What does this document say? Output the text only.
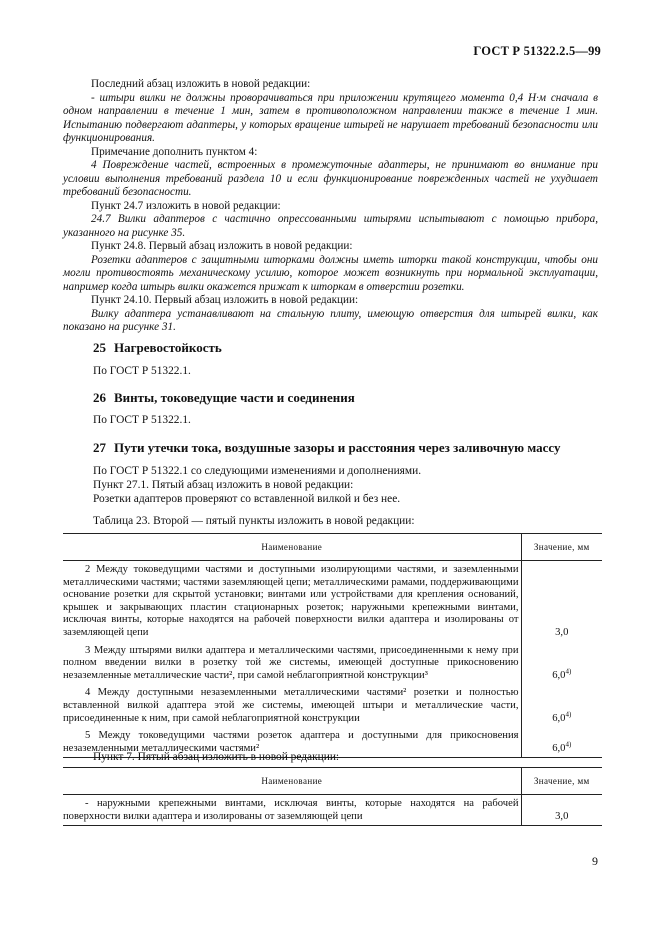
ГОСТ Р 51322.2.5—99

Последний абзац изложить в новой редакции:

- штыри вилки не должны проворачиваться при приложении крутящего момента 0,4 Н·м сначала в одном направлении в течение 1 мин, затем в противоположном направлении также в течение 1 мин. Испытанию подвергают адаптеры, у которых вращение штырей не нарушает требований безопасности или функционирования.

Примечание дополнить пунктом 4:

4 Повреждение частей, встроенных в промежуточные адаптеры, не принимают во внимание при условии выполнения требований раздела 10 и если функционирование поврежденных частей не ухудшает требований безопасности.

Пункт 24.7 изложить в новой редакции:

24.7 Вилки адаптеров с частично опрессованными штырями испытывают с помощью прибора, указанного на рисунке 35.

Пункт 24.8. Первый абзац изложить в новой редакции:

Розетки адаптеров с защитными шторками должны иметь шторки такой конструкции, чтобы они могли противостоять механическому усилию, которое может возникнуть при нормальной эксплуатации, например когда штырь вилки окажется прижат к шторкам в отверстии розетки.

Пункт 24.10. Первый абзац изложить в новой редакции:

Вилку адаптера устанавливают на стальную плиту, имеющую отверстия для штырей вилки, как показано на рисунке 31.

25 Нагревостойкость
По ГОСТ Р 51322.1.
26 Винты, токоведущие части и соединения
По ГОСТ Р 51322.1.
27 Пути утечки тока, воздушные зазоры и расстояния через заливочную массу
По ГОСТ Р 51322.1 со следующими изменениями и дополнениями.
Пункт 27.1. Пятый абзац изложить в новой редакции:
Розетки адаптеров проверяют со вставленной вилкой и без нее.
Таблица 23. Второй — пятый пункты изложить в новой редакции:
Наименование	Значение, мм
2 Между токоведущими частями и доступными изолирующими частями, и заземленными металлическими частями; частями заземляющей цепи; металлическими рамами, поддерживающими основание розетки для скрытой установки; винтами или устройствами для крепления оснований, крышек и закрывающих пластин стационарных розеток; наружными крепежными винтами, исключая винты, которые находятся на рабочей поверхности вилки адаптера и изолированы от заземляющей цепи	3,0
3 Между штырями вилки адаптера и металлическими частями, присоединенными к нему при полном введении вилки в розетку той же системы, имеющей доступные прикосновению незаземленные металлические части², при самой неблагоприятной конструкции³	6,0$^{4)}$
4 Между доступными незаземленными металлическими частями² розетки и полностью вставленной вилкой адаптера этой же системы, имеющей штыри и металлические части, присоединенные к ним, при самой неблагоприятной конструкции	6,0$^{4)}$
5 Между токоведущими частями розеток адаптера и доступными для прикосновения незаземленными металлическими частями²	6,0$^{4)}$
Пункт 7. Пятый абзац изложить в новой редакции:
Наименование	Значение, мм
- наружными крепежными винтами, исключая винты, которые находятся на рабочей поверхности вилки адаптера и изолированы от заземляющей цепи	3,0
9
